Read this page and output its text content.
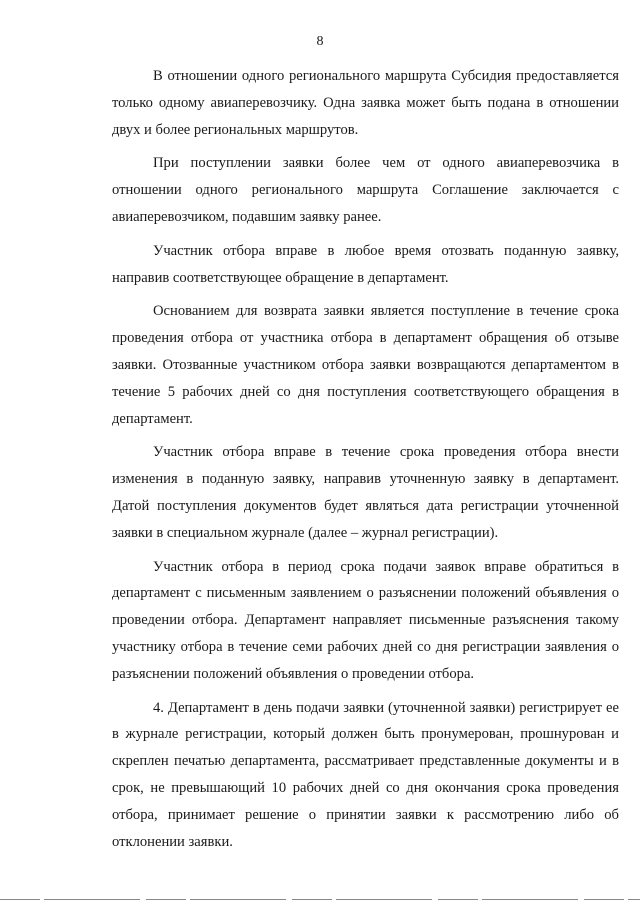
8

В отношении одного регионального маршрута Субсидия предоставляется только одному авиаперевозчику. Одна заявка может быть подана в отношении двух и более региональных маршрутов.

При поступлении заявки более чем от одного авиаперевозчика в отношении одного регионального маршрута Соглашение заключается с авиаперевозчиком, подавшим заявку ранее.

Участник отбора вправе в любое время отозвать поданную заявку, направив соответствующее обращение в департамент.

Основанием для возврата заявки является поступление в течение срока проведения отбора от участника отбора в департамент обращения об отзыве заявки. Отозванные участником отбора заявки возвращаются департаментом в течение 5 рабочих дней со дня поступления соответствующего обращения в департамент.

Участник отбора вправе в течение срока проведения отбора внести изменения в поданную заявку, направив уточненную заявку в департамент. Датой поступления документов будет являться дата регистрации уточненной заявки в специальном журнале (далее – журнал регистрации).

Участник отбора в период срока подачи заявок вправе обратиться в департамент с письменным заявлением о разъяснении положений объявления о проведении отбора. Департамент направляет письменные разъяснения такому участнику отбора в течение семи рабочих дней со дня регистрации заявления о разъяснении положений объявления о проведении отбора.

4. Департамент в день подачи заявки (уточненной заявки) регистрирует ее в журнале регистрации, который должен быть пронумерован, прошнурован и скреплен печатью департамента, рассматривает представленные документы и в срок, не превышающий 10 рабочих дней со дня окончания срока проведения отбора, принимает решение о принятии заявки к рассмотрению либо об отклонении заявки.
